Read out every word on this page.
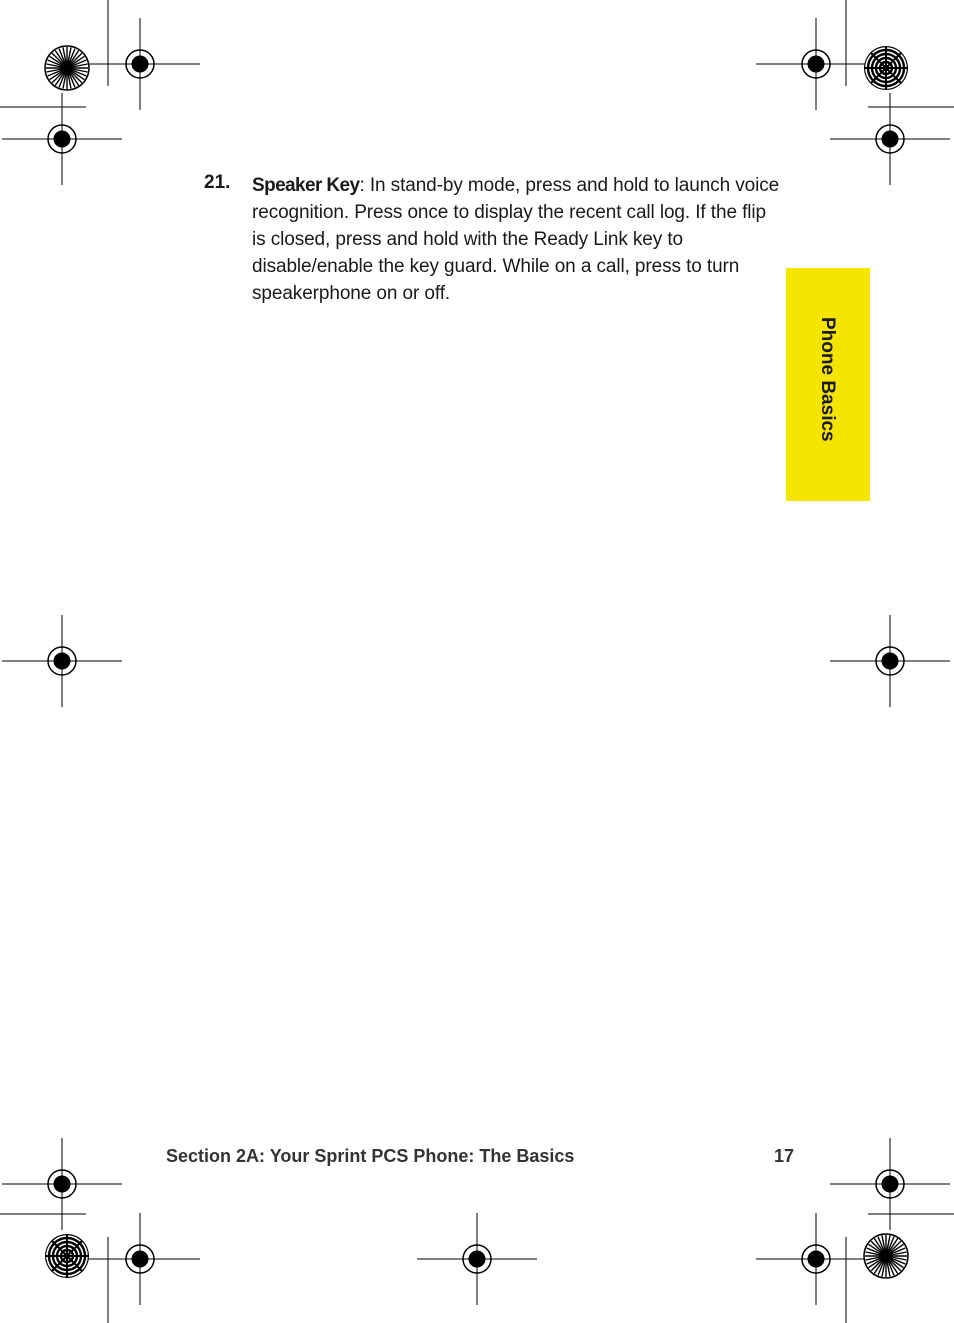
21. Speaker Key: In stand-by mode, press and hold to launch voice recognition. Press once to display the recent call log. If the flip is closed, press and hold with the Ready Link key to disable/enable the key guard. While on a call, press to turn speakerphone on or off.
Phone Basics
Section 2A: Your Sprint PCS Phone: The Basics	17
